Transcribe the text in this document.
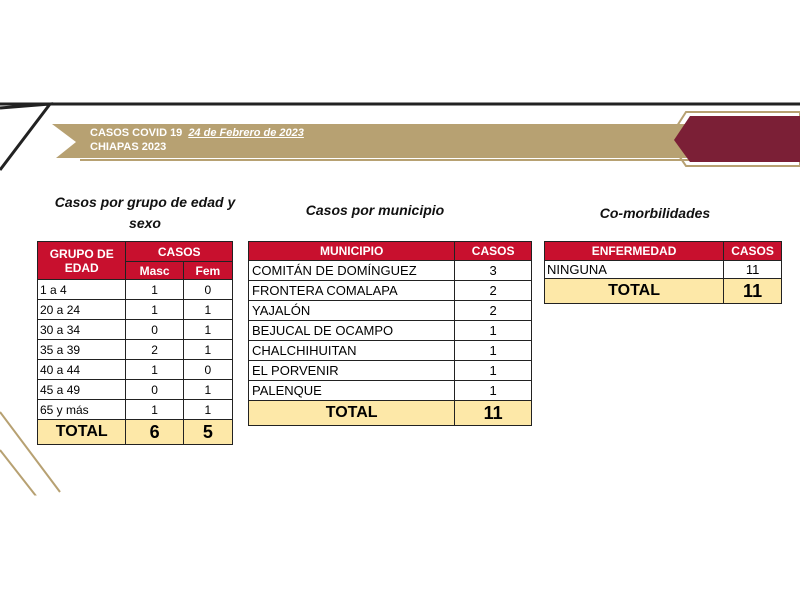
CASOS COVID 19 24 de Febrero de 2023
CHIAPAS 2023
Casos por grupo de edad y sexo
Casos por municipio	Co-morbilidades
GRUPO DE EDAD	CASOS	
	Masc	Fem
1 a 4	1	0
20 a 24	1	1
30 a 34	0	1
35 a 39	2	1
40 a 44	1	0
45 a 49	0	1
65 y más	1	1
TOTAL	6	5
MUNICIPIO	CASOS
COMITÁN DE DOMÍNGUEZ	3
FRONTERA COMALAPA	2
YAJALÓN	2
BEJUCAL DE OCAMPO	1
CHALCHIHUITAN	1
EL PORVENIR	1
PALENQUE	1
TOTAL	11
ENFERMEDAD	CASOS
NINGUNA	11
TOTAL	11
